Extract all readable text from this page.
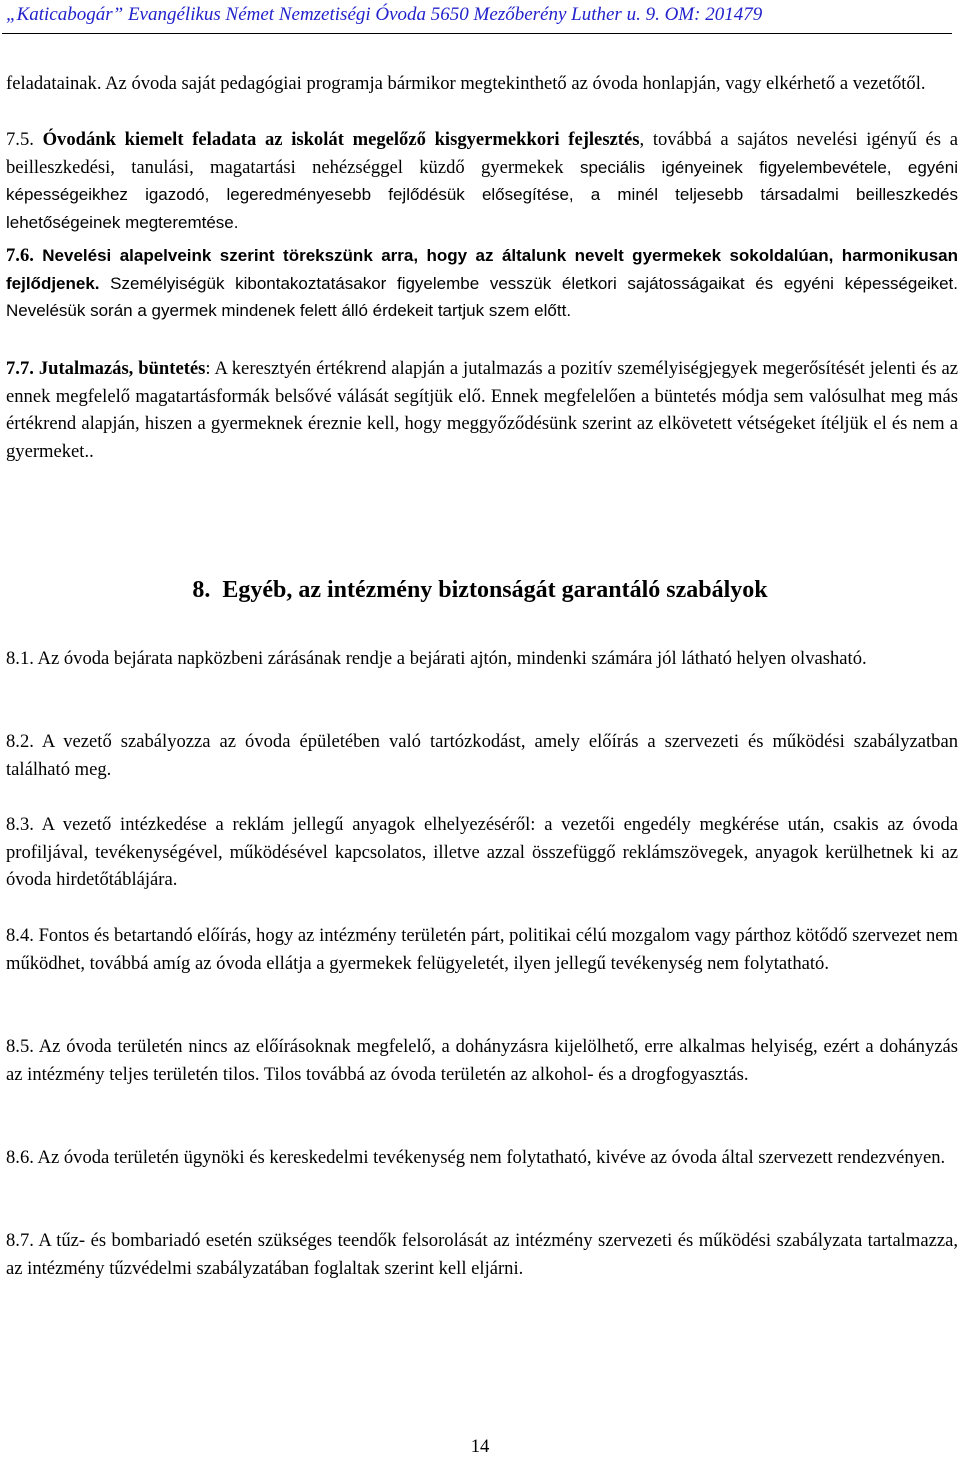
„Katicabogár” Evangélikus Német Nemzetiségi Óvoda 5650 Mezőberény Luther u. 9. OM: 201479
feladatainak. Az óvoda saját pedagógiai programja bármikor megtekinthető az óvoda honlapján, vagy elkérhető a vezetőtől.
7.5. Óvodánk kiemelt feladata az iskolát megelőző kisgyermekkori fejlesztés, továbbá a sajátos nevelési igényű és a beilleszkedési, tanulási, magatartási nehézséggel küzdő gyermekek speciális igényeinek figyelembevétele, egyéni képességeikhez igazodó, legeredményesebb fejlődésük elősegítése, a minél teljesebb társadalmi beilleszkedés lehetőségeinek megteremtése.
7.6. Nevelési alapelveink szerint törekszünk arra, hogy az általunk nevelt gyermekek sokoldalúan, harmonikusan fejlődjenek. Személyiségük kibontakoztatásakor figyelembe vesszük életkori sajátosságaikat és egyéni képességeiket. Nevelésük során a gyermek mindenek felett álló érdekeit tartjuk szem előtt.
7.7. Jutalmazás, büntetés: A keresztyén értékrend alapján a jutalmazás a pozitív személyiségjegyek megerősítését jelenti és az ennek megfelelő magatartásformák belsővé válását segítjük elő. Ennek megfelelően a büntetés módja sem valósulhat meg más értékrend alapján, hiszen a gyermeknek éreznie kell, hogy meggyőződésünk szerint az elkövetett vétségeket ítéljük el és nem a gyermeket..
8. Egyéb, az intézmény biztonságát garantáló szabályok
8.1. Az óvoda bejárata napközbeni zárásának rendje a bejárati ajtón, mindenki számára jól látható helyen olvasható.
8.2. A vezető szabályozza az óvoda épületében való tartózkodást, amely előírás a szervezeti és működési szabályzatban található meg.
8.3. A vezető intézkedése a reklám jellegű anyagok elhelyezéséről: a vezetői engedély megkérése után, csakis az óvoda profiljával, tevékenységével, működésével kapcsolatos, illetve azzal összefüggő reklámszövegek, anyagok kerülhetnek ki az óvoda hirdetőtáblájára.
8.4. Fontos és betartandó előírás, hogy az intézmény területén párt, politikai célú mozgalom vagy párthoz kötődő szervezet nem működhet, továbbá amíg az óvoda ellátja a gyermekek felügyeletét, ilyen jellegű tevékenység nem folytatható.
8.5. Az óvoda területén nincs az előírásoknak megfelelő, a dohányzásra kijelölhető, erre alkalmas helyiség, ezért a dohányzás az intézmény teljes területén tilos. Tilos továbbá az óvoda területén az alkohol- és a drogfogyasztás.
8.6. Az óvoda területén ügynöki és kereskedelmi tevékenység nem folytatható, kivéve az óvoda által szervezett rendezvényen.
8.7. A tűz- és bombariadó esetén szükséges teendők felsorolását az intézmény szervezeti és működési szabályzata tartalmazza, az intézmény tűzvédelmi szabályzatában foglaltak szerint kell eljárni.
14
